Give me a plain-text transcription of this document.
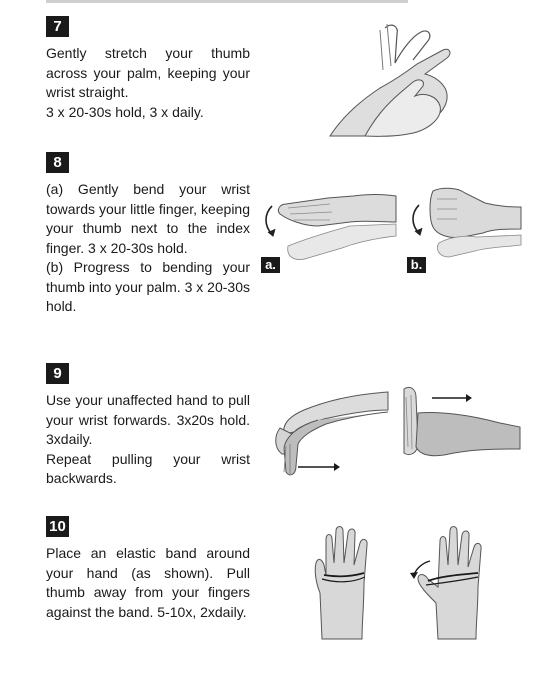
7

Gently stretch your thumb across your palm, keeping your wrist straight.

3 x 20-30s hold, 3 x daily.

8

(a) Gently bend your wrist towards your little finger, keeping your thumb next to the index finger. 3 x 20-30s hold.

(b) Progress to bending your thumb into your palm. 3 x 20-30s hold.

9

Use your unaffected hand to pull your wrist forwards. 3x20s hold. 3xdaily.

Repeat pulling your wrist backwards.

10

Place an elastic band around your hand (as shown). Pull thumb away from your fingers against the band. 5-10x, 2xdaily.

a.	b.
